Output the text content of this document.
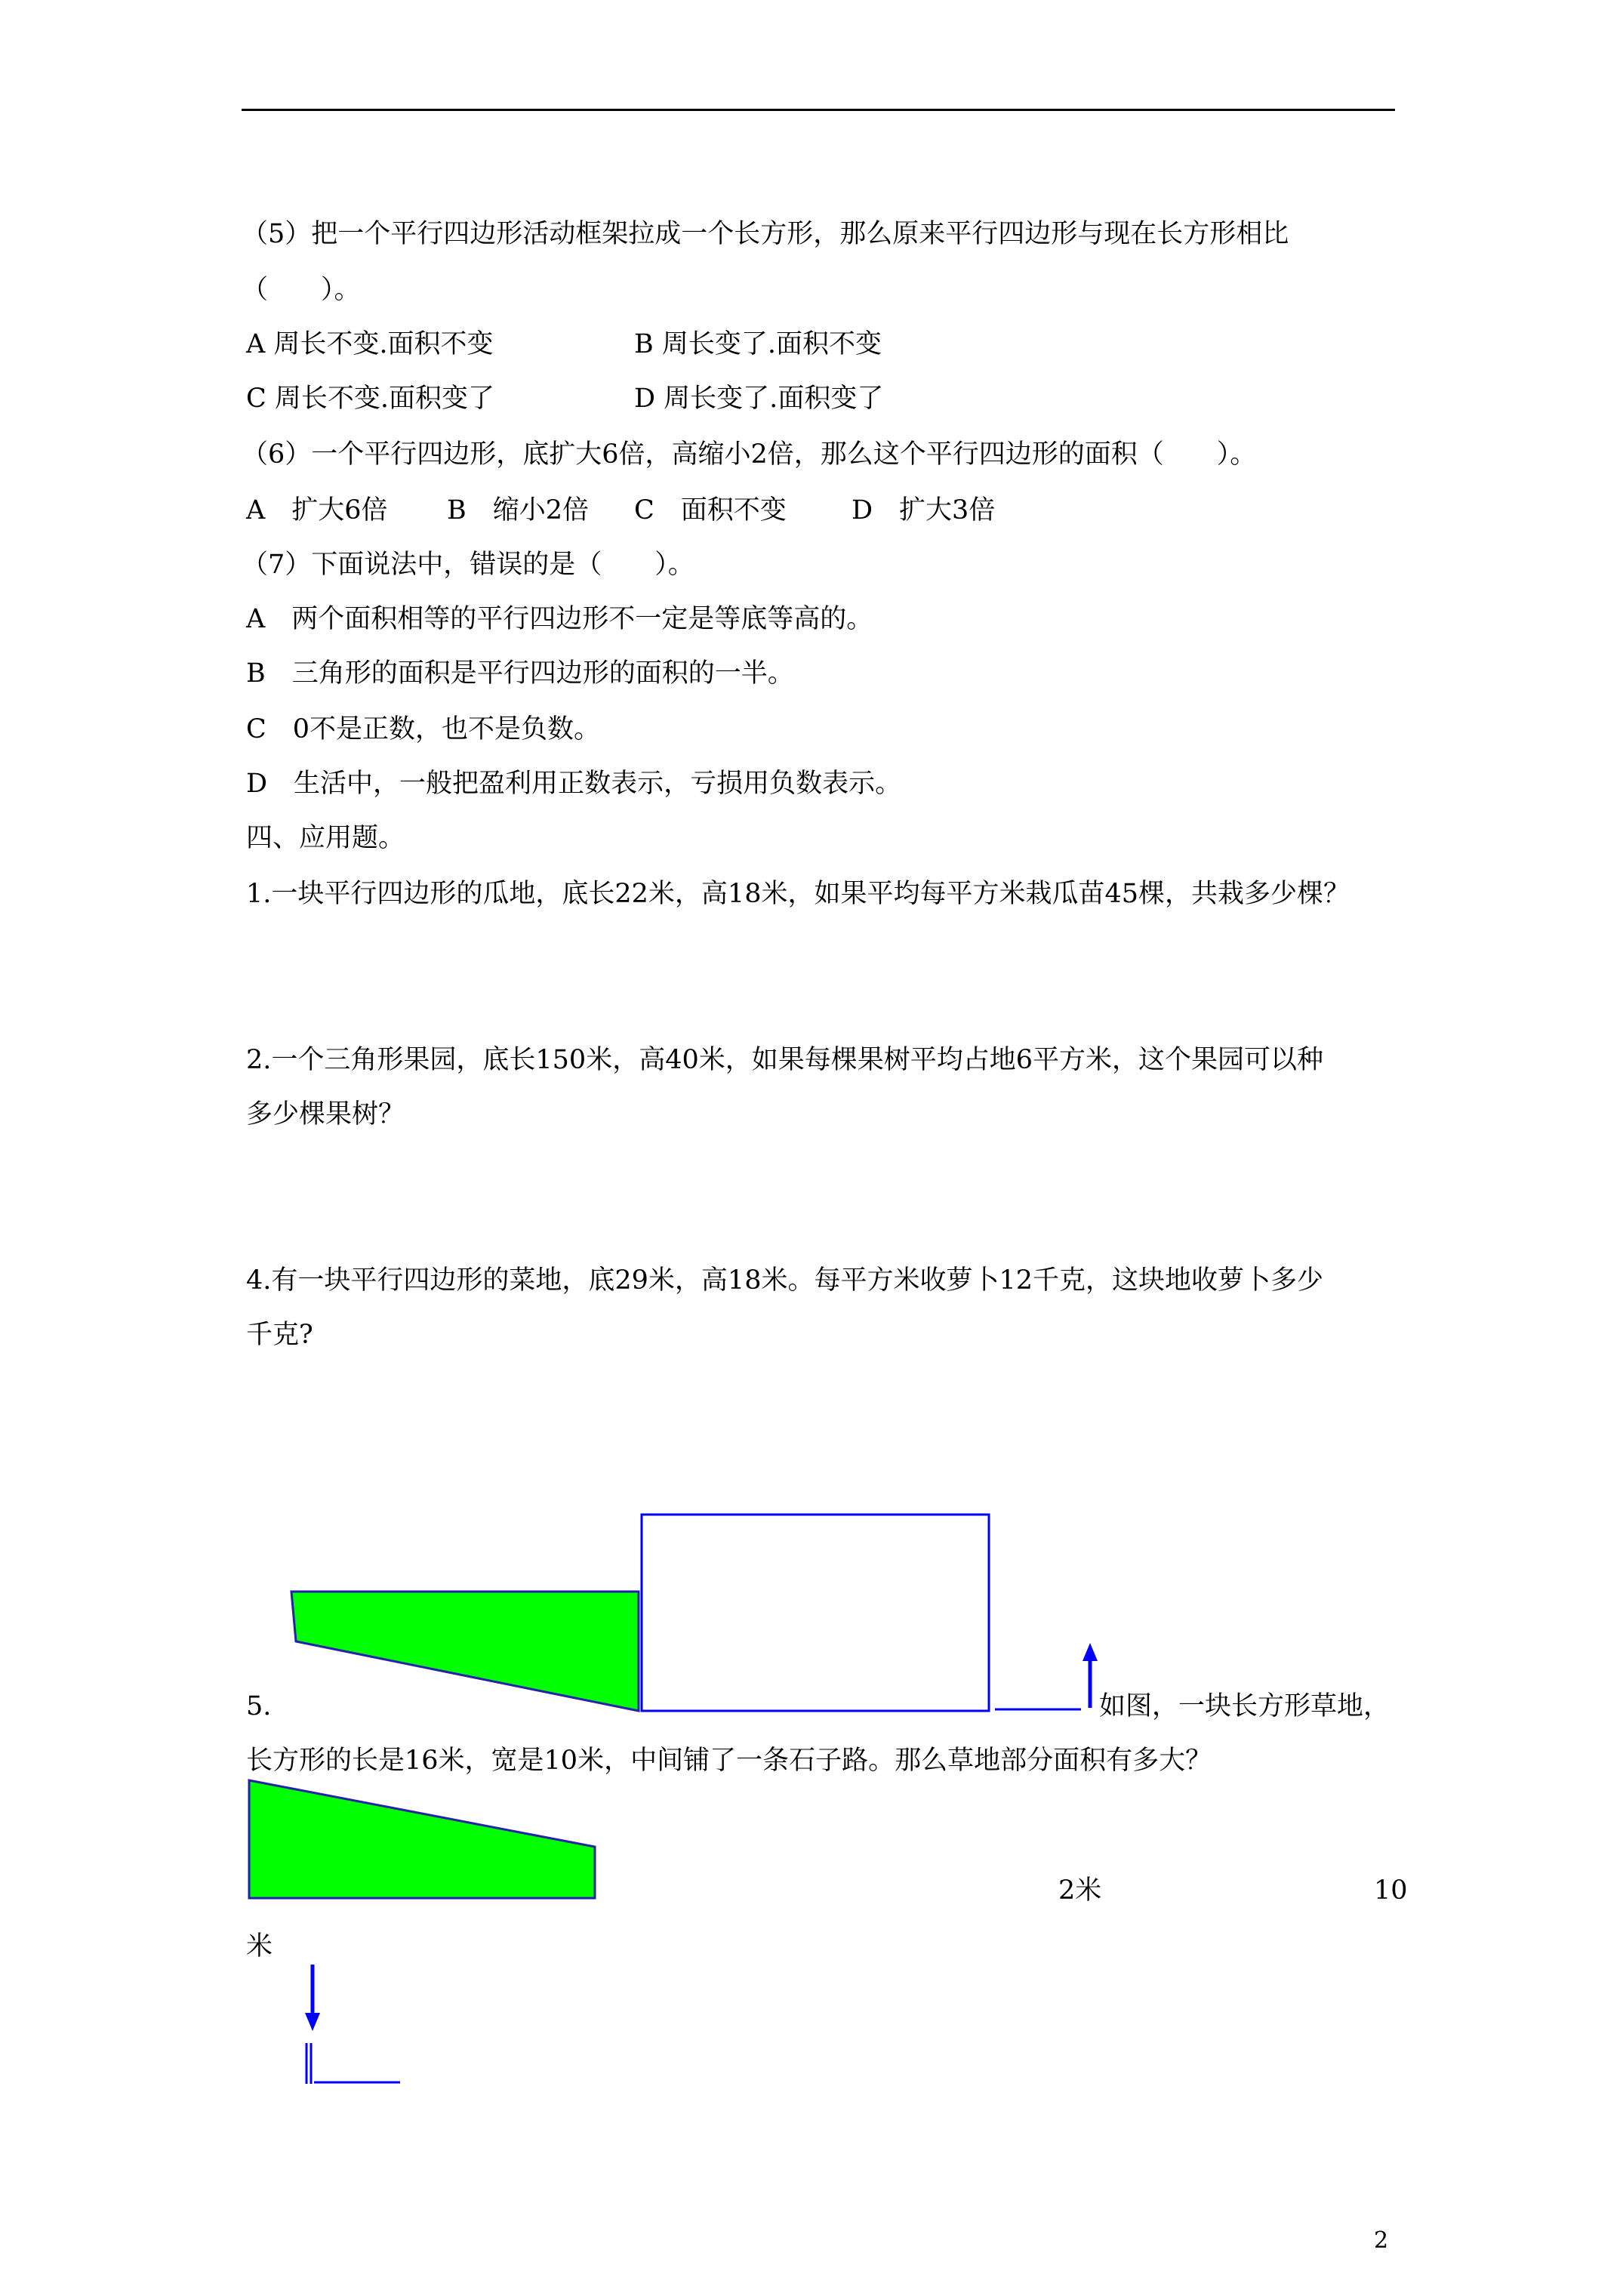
（5）把一个平行四边形活动框架拉成一个长方形，那么原来平行四边形与现在长方形相比
（　　）。
A 周长不变.面积不变	B 周长变了.面积不变
C 周长不变.面积变了	D 周长变了.面积变了
（6）一个平行四边形，底扩大6倍，高缩小2倍，那么这个平行四边形的面积（　　）。
A　扩大6倍 B　缩小2倍 C　面积不变 D　扩大3倍
（7）下面说法中，错误的是（　　）。
A　两个面积相等的平行四边形不一定是等底等高的。
B　三角形的面积是平行四边形的面积的一半。
C　0不是正数，也不是负数。
D　生活中，一般把盈利用正数表示，亏损用负数表示。
四、应用题。
1.一块平行四边形的瓜地，底长22米，高18米，如果平均每平方米栽瓜苗45棵，共栽多少棵？
2.一个三角形果园，底长150米，高40米，如果每棵果树平均占地6平方米，这个果园可以种
多少棵果树？
4.有一块平行四边形的菜地，底29米，高18米。每平方米收萝卜12千克，这块地收萝卜多少
千克?
5.	如图，一块长方形草地，
长方形的长是16米，宽是10米，中间铺了一条石子路。那么草地部分面积有多大？
2米	10
米
2
